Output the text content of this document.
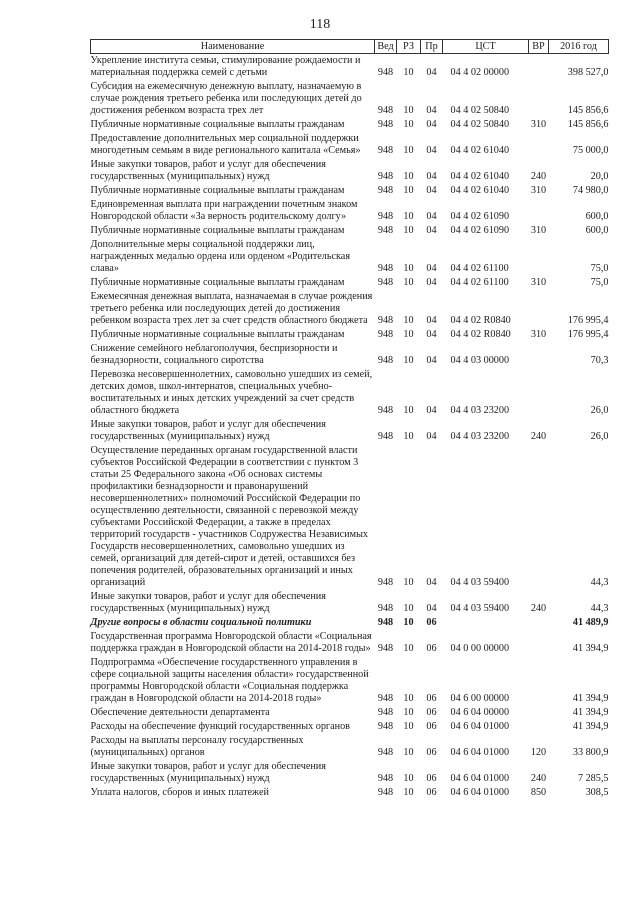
118
Наименование	Вед	РЗ	Пр	ЦСТ	ВР	2016 год
Укрепление института семьи, стимулирование рождаемости и материальная поддержка семей с детьми	948	10	04	04 4 02 00000		398 527,0
Субсидия на ежемесячную денежную выплату, назначаемую в случае рождения третьего ребенка или последующих детей до достижения ребенком возраста трех лет	948	10	04	04 4 02 50840		145 856,6
Публичные нормативные социальные выплаты гражданам	948	10	04	04 4 02 50840	310	145 856,6
Предоставление дополнительных мер социальной поддержки многодетным семьям в виде регионального капитала «Семья»	948	10	04	04 4 02 61040		75 000,0
Иные закупки товаров, работ и услуг для обеспечения государственных (муниципальных) нужд	948	10	04	04 4 02 61040	240	20,0
Публичные нормативные социальные выплаты гражданам	948	10	04	04 4 02 61040	310	74 980,0
Единовременная выплата при награждении почетным знаком Новгородской области «За верность родительскому долгу»	948	10	04	04 4 02 61090		600,0
Публичные нормативные социальные выплаты гражданам	948	10	04	04 4 02 61090	310	600,0
Дополнительные меры социальной поддержки лиц, награжденных медалью ордена или орденом «Родительская слава»	948	10	04	04 4 02 61100		75,0
Публичные нормативные социальные выплаты гражданам	948	10	04	04 4 02 61100	310	75,0
Ежемесячная денежная выплата, назначаемая в случае рождения третьего ребенка или последующих детей до достижения ребенком возраста трех лет за счет средств областного бюджета	948	10	04	04 4 02 R0840		176 995,4
Публичные нормативные социальные выплаты гражданам	948	10	04	04 4 02 R0840	310	176 995,4
Снижение семейного неблагополучия, беспризорности и безнадзорности, социального сиротства	948	10	04	04 4 03 00000		70,3
Перевозка несовершеннолетних, самовольно ушедших из семей, детских домов, школ-интернатов, специальных учебно-воспитательных и иных детских учреждений за счет средств областного бюджета	948	10	04	04 4 03 23200		26,0
Иные закупки товаров, работ и услуг для обеспечения государственных (муниципальных) нужд	948	10	04	04 4 03 23200	240	26,0
Осуществление переданных органам государственной власти субъектов Российской Федерации в соответствии с пунктом 3 статьи 25 Федерального закона «Об основах системы профилактики безнадзорности и правонарушений несовершеннолетних» полномочий Российской Федерации по осуществлению деятельности, связанной с перевозкой между субъектами Российской Федерации, а также в пределах территорий государств - участников Содружества Независимых Государств несовершеннолетних, самовольно ушедших из семей, организаций для детей-сирот и детей, оставшихся без попечения родителей, образовательных организаций и иных организаций	948	10	04	04 4 03 59400		44,3
Иные закупки товаров, работ и услуг для обеспечения государственных (муниципальных) нужд	948	10	04	04 4 03 59400	240	44,3
Другие вопросы в области социальной политики	948	10	06			41 489,9
Государственная программа Новгородской области «Социальная поддержка граждан в Новгородской области на 2014-2018 годы»	948	10	06	04 0 00 00000		41 394,9
Подпрограмма «Обеспечение государственного управления в сфере социальной защиты населения области» государственной программы Новгородской области «Социальная поддержка граждан в Новгородской области на 2014-2018 годы»	948	10	06	04 6 00 00000		41 394,9
Обеспечение деятельности департамента	948	10	06	04 6 04 00000		41 394,9
Расходы на обеспечение функций государственных органов	948	10	06	04 6 04 01000		41 394,9
Расходы на выплаты персоналу государственных (муниципальных) органов	948	10	06	04 6 04 01000	120	33 800,9
Иные закупки товаров, работ и услуг для обеспечения государственных (муниципальных) нужд	948	10	06	04 6 04 01000	240	7 285,5
Уплата налогов, сборов и иных платежей	948	10	06	04 6 04 01000	850	308,5
